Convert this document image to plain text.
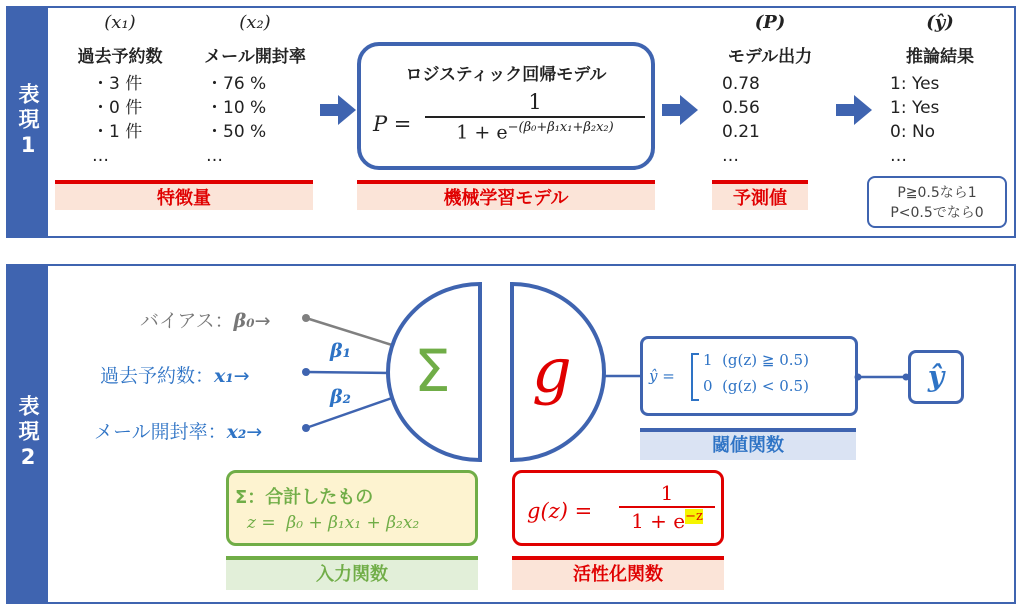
表現1
(x₁)
過去予約数
・3 件
・0 件
・1 件
…
(x₂)
メール開封率
・76 %
・10 %
・50 %
…
特徴量
ロジスティック回帰モデル
P =
1
$1 + e^{-(\beta_0+\beta_1x_1+\beta_2x_2)}$
機械学習モデル
(P)
モデル出力
0.78
0.56
0.21
…
予測値
(ŷ)
推論結果
1: Yes
1: Yes
0: No
…
P≧0.5なら1
P<0.5でなら0
表現2
バイアス：β₀→
過去予約数：x₁→
メール開封率：x₂→
β₁
β₂ Σ g	ŷ =
1  (g(z) ≧ 0.5)
0  (g(z) < 0.5)
閾値関数
ŷ
Σ：合計したもの
z =  β₀ + β₁x₁ + β₂x₂
入力関数
g(z) =
1
$1 + e^{-z}$
活性化関数
